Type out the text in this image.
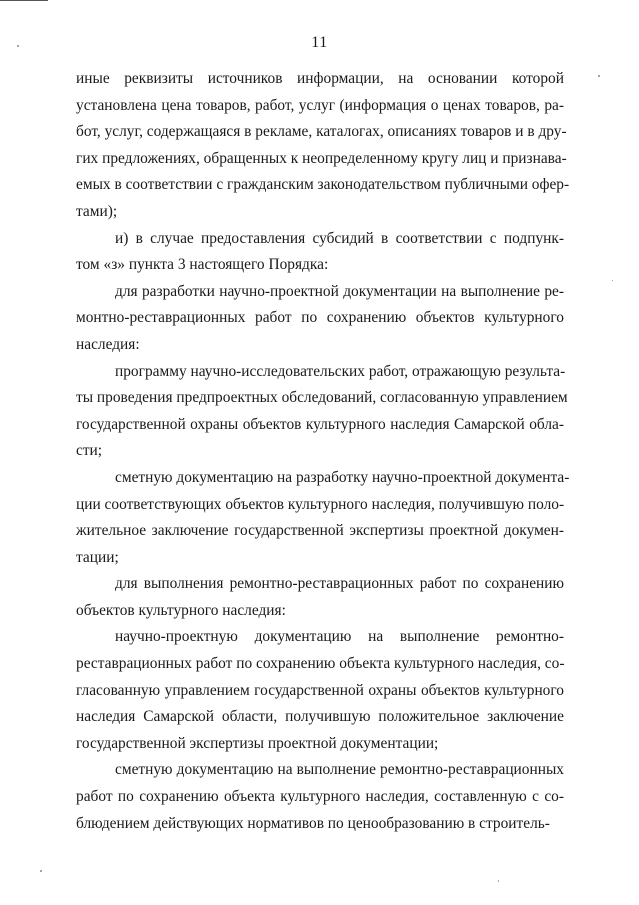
11
иные реквизиты источников информации, на основании которой
установлена цена товаров, работ, услуг (информация о ценах товаров, ра-
бот, услуг, содержащаяся в рекламе, каталогах, описаниях товаров и в дру-
гих предложениях, обращенных к неопределенному кругу лиц и признава-
емых в соответствии с гражданским законодательством публичными офер-
тами);
и) в случае предоставления субсидий в соответствии с подпунк-
том «з» пункта 3 настоящего Порядка:
для разработки научно-проектной документации на выполнение ре-
монтно-реставрационных работ по сохранению объектов культурного
наследия:
программу научно-исследовательских работ, отражающую результа-
ты проведения предпроектных обследований, согласованную управлением
государственной охраны объектов культурного наследия Самарской обла-
сти;
сметную документацию на разработку научно-проектной документа-
ции соответствующих объектов культурного наследия, получившую поло-
жительное заключение государственной экспертизы проектной докумен-
тации;
для выполнения ремонтно-реставрационных работ по сохранению
объектов культурного наследия:
научно-проектную документацию на выполнение ремонтно-
реставрационных работ по сохранению объекта культурного наследия, со-
гласованную управлением государственной охраны объектов культурного
наследия Самарской области, получившую положительное заключение
государственной экспертизы проектной документации;
сметную документацию на выполнение ремонтно-реставрационных
работ по сохранению объекта культурного наследия, составленную с со-
блюдением действующих нормативов по ценообразованию в строитель-
